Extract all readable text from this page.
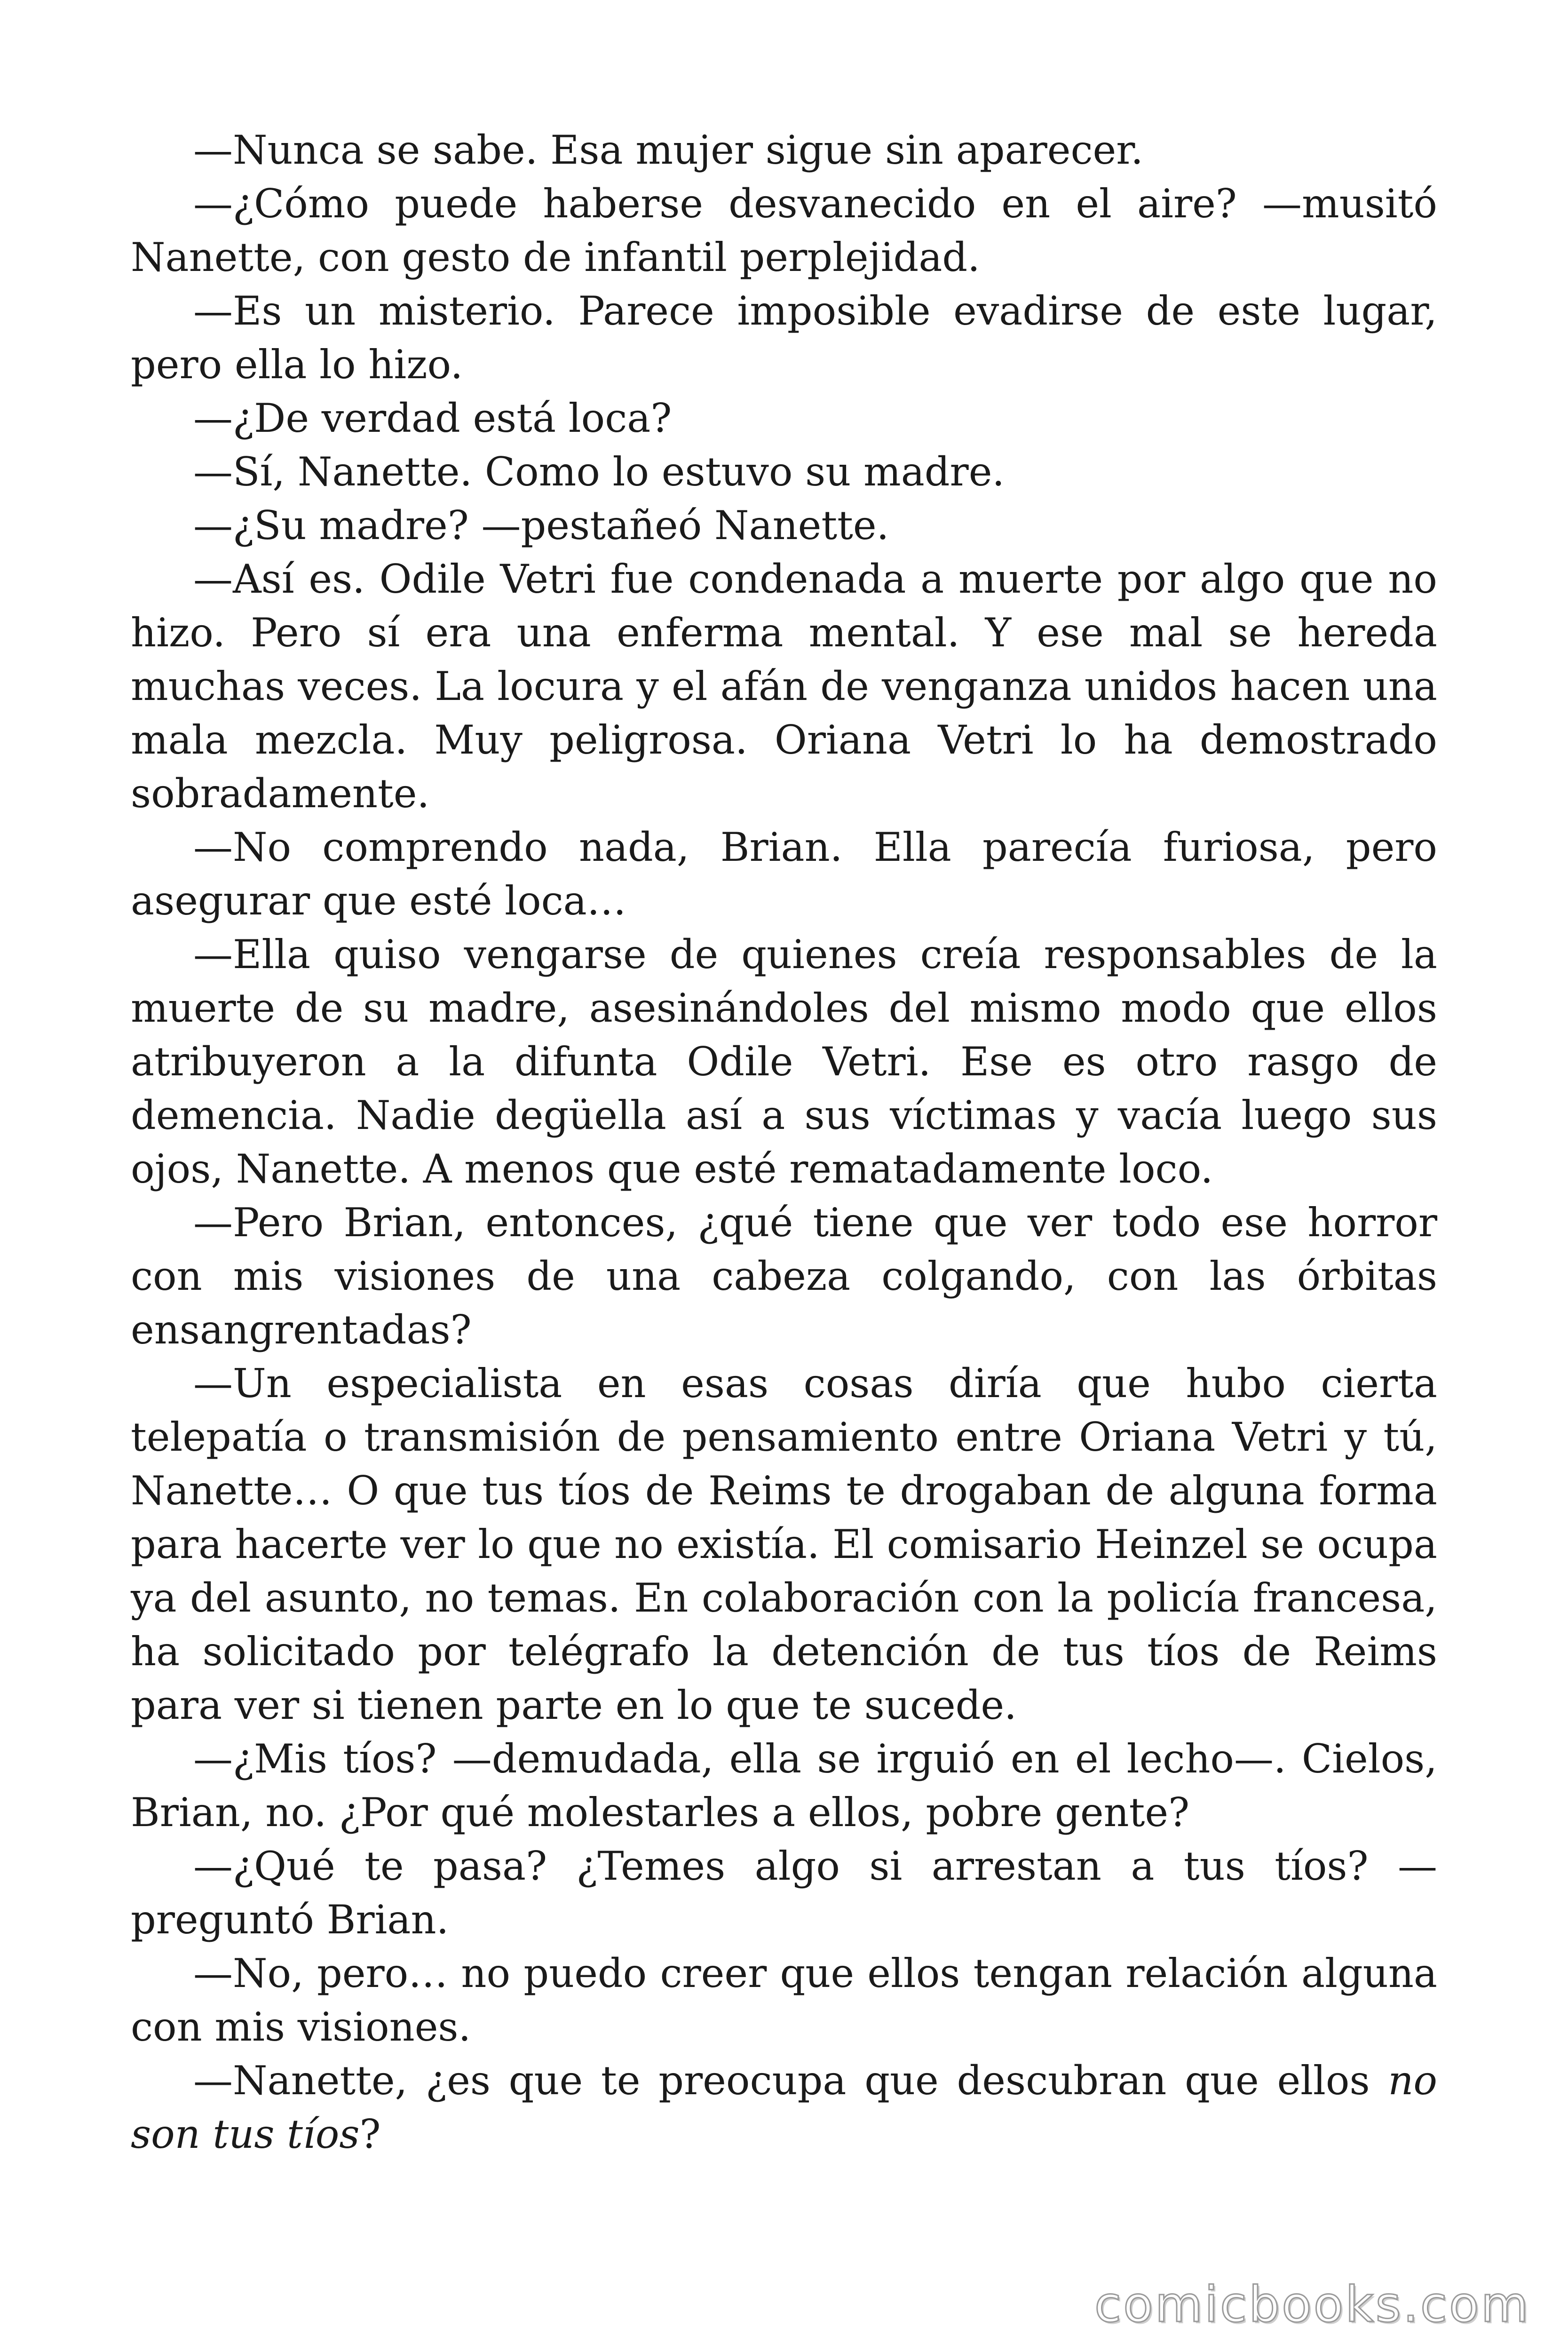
—Nunca se sabe. Esa mujer sigue sin aparecer.

—¿Cómo puede haberse desvanecido en el aire? —musitó Nanette, con gesto de infantil perplejidad.

—Es un misterio. Parece imposible evadirse de este lugar, pero ella lo hizo.

—¿De verdad está loca?

—Sí, Nanette. Como lo estuvo su madre.

—¿Su madre? —pestañeó Nanette.

—Así es. Odile Vetri fue condenada a muerte por algo que no hizo. Pero sí era una enferma mental. Y ese mal se hereda muchas veces. La locura y el afán de venganza unidos hacen una mala mezcla. Muy peligrosa. Oriana Vetri lo ha demostrado sobradamente.

—No comprendo nada, Brian. Ella parecía furiosa, pero asegurar que esté loca…

—Ella quiso vengarse de quienes creía responsables de la muerte de su madre, asesinándoles del mismo modo que ellos atribuyeron a la difunta Odile Vetri. Ese es otro rasgo de demencia. Nadie degüella así a sus víctimas y vacía luego sus ojos, Nanette. A menos que esté rematadamente loco.

—Pero Brian, entonces, ¿qué tiene que ver todo ese horror con mis visiones de una cabeza colgando, con las órbitas ensangrentadas?

—Un especialista en esas cosas diría que hubo cierta telepatía o transmisión de pensamiento entre Oriana Vetri y tú, Nanette… O que tus tíos de Reims te drogaban de alguna forma para hacerte ver lo que no existía. El comisario Heinzel se ocupa ya del asunto, no temas. En colaboración con la policía francesa, ha solicitado por telégrafo la detención de tus tíos de Reims para ver si tienen parte en lo que te sucede.

—¿Mis tíos? —demudada, ella se irguió en el lecho—. Cielos, Brian, no. ¿Por qué molestarles a ellos, pobre gente?

—¿Qué te pasa? ¿Temes algo si arrestan a tus tíos? —preguntó Brian.

—No, pero… no puedo creer que ellos tengan relación alguna con mis visiones.

—Nanette, ¿es que te preocupa que descubran que ellos no son tus tíos?

comicbooks.com
